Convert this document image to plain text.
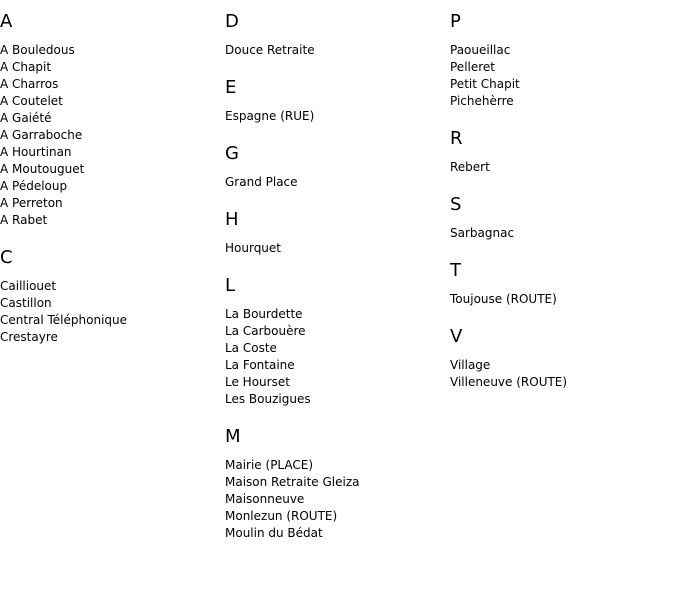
A
A Bouledous
A Chapit
A Charros
A Coutelet
A Gaiété
A Garraboche
A Hourtinan
A Moutouguet
A Pédeloup
A Perreton
A Rabet
C
Cailliouet
Castillon
Central Téléphonique
Crestayre
D
Douce Retraite
E
Espagne (RUE)
G
Grand Place
H
Hourquet
L
La Bourdette
La Carbouère
La Coste
La Fontaine
Le Hourset
Les Bouzigues
M
Mairie (PLACE)
Maison Retraite Gleiza
Maisonneuve
Monlezun (ROUTE)
Moulin du Bédat
P
Paoueillac
Pelleret
Petit Chapit
Pichehèrre
R
Rebert
S
Sarbagnac
T
Toujouse (ROUTE)
V
Village
Villeneuve (ROUTE)
